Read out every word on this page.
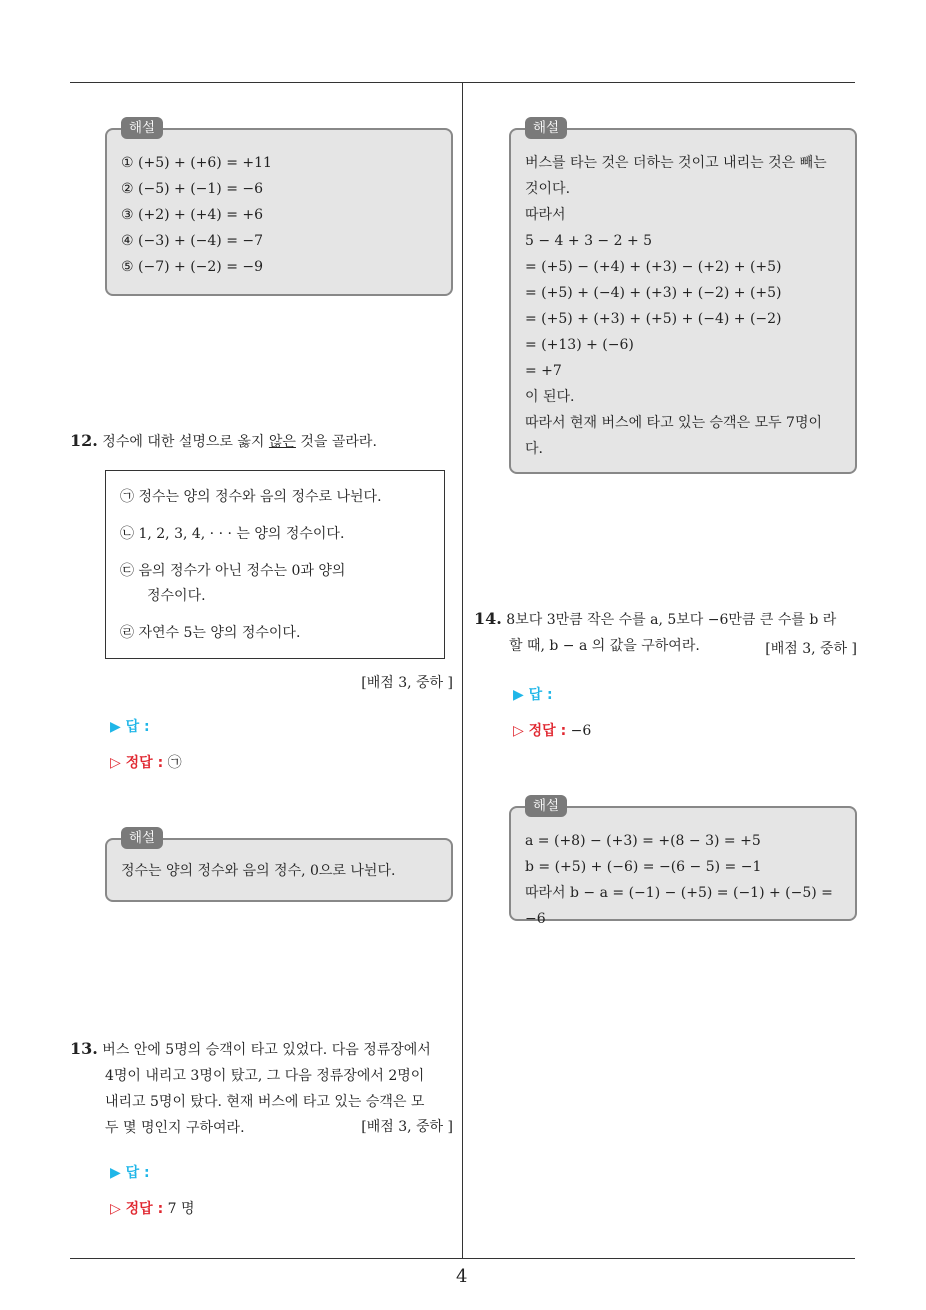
해설
① (+5) + (+6) = +11
② (−5) + (−1) = −6
③ (+2) + (+4) = +6
④ (−3) + (−4) = −7
⑤ (−7) + (−2) = −9
12. 정수에 대한 설명으로 옳지 않은 것을 골라라.
㉠ 정수는 양의 정수와 음의 정수로 나뉜다.
㉡ 1, 2, 3, 4, · · · 는 양의 정수이다.
㉢ 음의 정수가 아닌 정수는 0과 양의
정수이다.
㉣ 자연수 5는 양의 정수이다.
[배점 3, 중하 ]
▶ 답 :
▷ 정답 : ㉠
해설
정수는 양의 정수와 음의 정수, 0으로 나뉜다.
13. 버스 안에 5명의 승객이 타고 있었다. 다음 정류장에서
4명이 내리고 3명이 탔고, 그 다음 정류장에서 2명이
내리고 5명이 탔다. 현재 버스에 타고 있는 승객은 모
두 몇 명인지 구하여라.	[배점 3, 중하 ]
▶ 답 :
▷ 정답 : 7 명
해설
버스를 타는 것은 더하는 것이고 내리는 것은 빼는
것이다.
따라서
5 − 4 + 3 − 2 + 5
= (+5) − (+4) + (+3) − (+2) + (+5)
= (+5) + (−4) + (+3) + (−2) + (+5)
= (+5) + (+3) + (+5) + (−4) + (−2)
= (+13) + (−6)
= +7
이 된다.
따라서 현재 버스에 타고 있는 승객은 모두 7명이
다.
14. 8보다 3만큼 작은 수를 a, 5보다 −6만큼 큰 수를 b 라
할 때, b − a 의 값을 구하여라.	[배점 3, 중하 ]
▶ 답 :
▷ 정답 : −6
해설
a = (+8) − (+3) = +(8 − 3) = +5
b = (+5) + (−6) = −(6 − 5) = −1
따라서 b − a = (−1) − (+5) = (−1) + (−5) = −6
4
